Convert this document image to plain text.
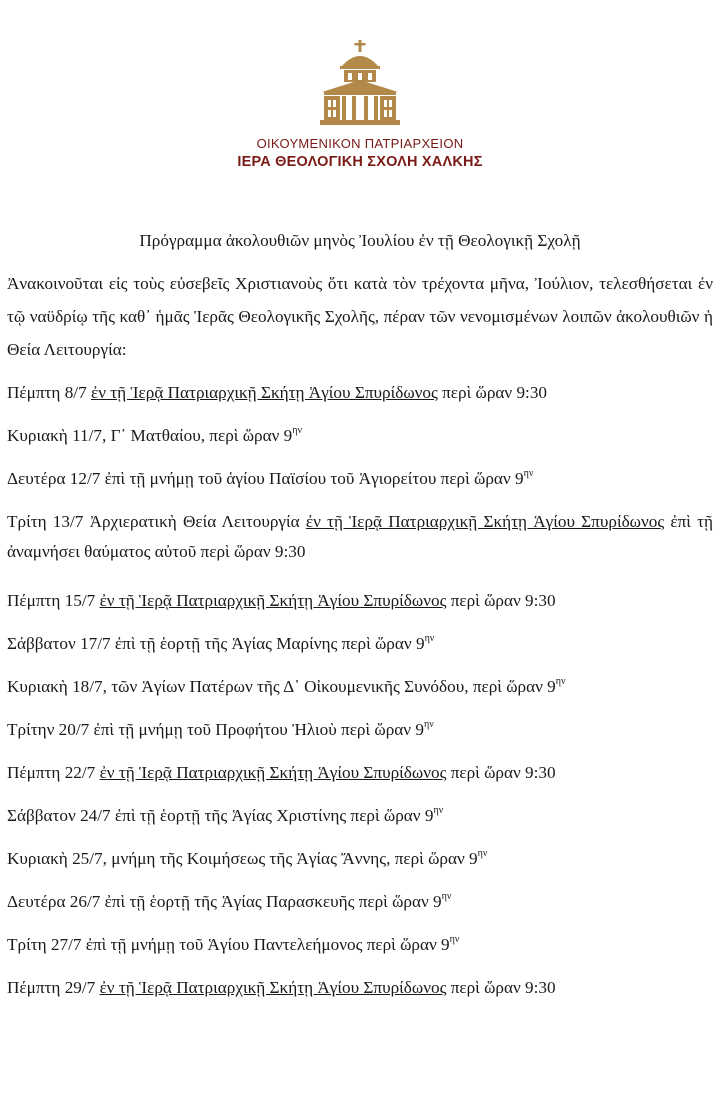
ΟΙΚΟΥΜΕΝΙΚΟΝ ΠΑΤΡΙΑΡΧΕΙΟΝ
ΙΕΡΑ ΘΕΟΛΟΓΙΚΗ ΣΧΟΛΗ ΧΑΛΚΗΣ

Πρόγραμμα ἀκολουθιῶν μηνὸς Ἰουλίου ἐν τῇ Θεολογικῇ Σχολῇ

Ἀνακοινοῦται εἰς τοὺς εὐσεβεῖς Χριστιανοὺς ὅτι κατὰ τὸν τρέχοντα μῆνα, Ἰούλιον, τελεσθήσεται ἐν τῷ ναϋδρίῳ τῆς καθ᾽ ἡμᾶς Ἱερᾶς Θεολογικῆς Σχολῆς, πέραν τῶν νενομισμένων λοιπῶν ἀκολουθιῶν ἡ Θεία Λειτουργία:

Πέμπτη 8/7 ἐν τῇ Ἱερᾷ Πατριαρχικῇ Σκήτῃ Ἁγίου Σπυρίδωνος περὶ ὥραν 9:30

Κυριακὴ 11/7, Γ᾽ Ματθαίου, περὶ ὥραν $9^{\eta\nu}$

Δευτέρα 12/7 ἐπὶ τῇ μνήμῃ τοῦ ἁγίου Παϊσίου τοῦ Ἁγιορείτου περὶ ὥραν $9^{\eta\nu}$

Τρίτη 13/7 Ἀρχιερατικὴ Θεία Λειτουργία ἐν τῇ Ἱερᾷ Πατριαρχικῇ Σκήτῃ Ἁγίου Σπυρίδωνος ἐπὶ τῇ ἀναμνήσει θαύματος αὐτοῦ περὶ ὥραν 9:30

Πέμπτη 15/7 ἐν τῇ Ἱερᾷ Πατριαρχικῇ Σκήτῃ Ἁγίου Σπυρίδωνος περὶ ὥραν 9:30

Σάββατον 17/7 ἐπὶ τῇ ἑορτῇ τῆς Ἁγίας Μαρίνης περὶ ὥραν $9^{\eta\nu}$

Κυριακὴ 18/7, τῶν Ἁγίων Πατέρων τῆς Δ᾽ Οἰκουμενικῆς Συνόδου, περὶ ὥραν $9^{\eta\nu}$

Τρίτην 20/7 ἐπὶ τῇ μνήμῃ τοῦ Προφήτου Ἠλιοὺ περὶ ὥραν $9^{\eta\nu}$

Πέμπτη 22/7 ἐν τῇ Ἱερᾷ Πατριαρχικῇ Σκήτῃ Ἁγίου Σπυρίδωνος περὶ ὥραν 9:30

Σάββατον 24/7 ἐπὶ τῇ ἑορτῇ τῆς Ἁγίας Χριστίνης περὶ ὥραν $9^{\eta\nu}$

Κυριακὴ 25/7, μνήμη τῆς Κοιμήσεως τῆς Ἁγίας Ἄννης, περὶ ὥραν $9^{\eta\nu}$

Δευτέρα 26/7 ἐπὶ τῇ ἑορτῇ τῆς Ἁγίας Παρασκευῆς περὶ ὥραν $9^{\eta\nu}$

Τρίτη 27/7 ἐπὶ τῇ μνήμῃ τοῦ Ἁγίου Παντελεήμονος περὶ ὥραν $9^{\eta\nu}$

Πέμπτη 29/7 ἐν τῇ Ἱερᾷ Πατριαρχικῇ Σκήτῃ Ἁγίου Σπυρίδωνος περὶ ὥραν 9:30
